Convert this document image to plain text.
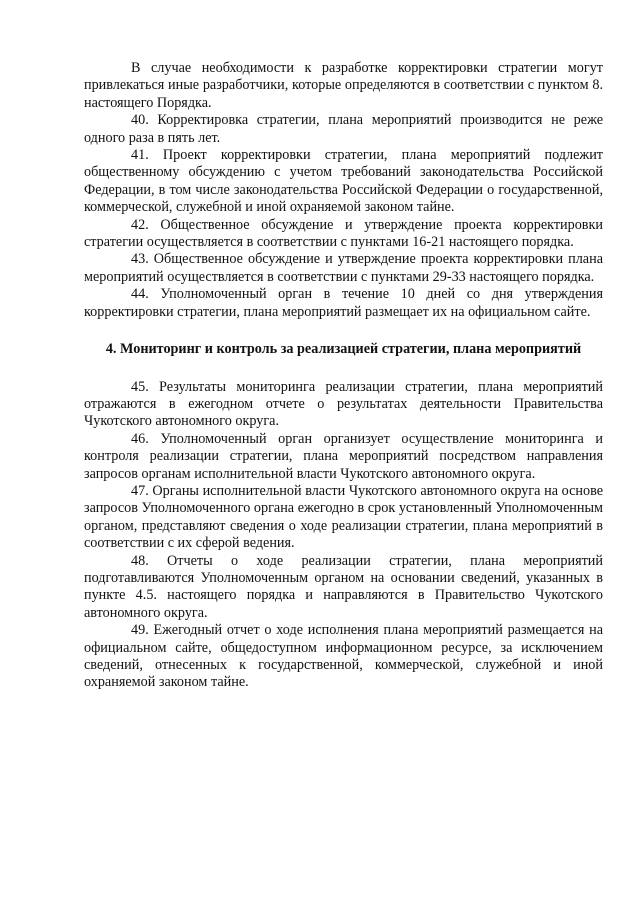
В случае необходимости к разработке корректировки стратегии могут привлекаться иные разработчики, которые определяются в соответствии с пунктом 8. настоящего Порядка.

40. Корректировка стратегии, плана мероприятий производится не реже одного раза в пять лет.

41. Проект корректировки стратегии, плана мероприятий подлежит общественному обсуждению с учетом требований законодательства Российской Федерации, в том числе законодательства Российской Федерации о государственной, коммерческой, служебной и иной охраняемой законом тайне.

42. Общественное обсуждение и утверждение проекта корректировки стратегии осуществляется в соответствии с пунктами 16-21 настоящего порядка.

43. Общественное обсуждение и утверждение проекта корректировки плана мероприятий осуществляется в соответствии с пунктами 29-33 настоящего порядка.

44. Уполномоченный орган в течение 10 дней со дня утверждения корректировки стратегии, плана мероприятий размещает их на официальном сайте.

4. Мониторинг и контроль за реализацией стратегии, плана мероприятий

45. Результаты мониторинга реализации стратегии, плана мероприятий отражаются в ежегодном отчете о результатах деятельности Правительства Чукотского автономного округа.

46. Уполномоченный орган организует осуществление мониторинга и контроля реализации стратегии, плана мероприятий посредством направления запросов органам исполнительной власти Чукотского автономного округа.

47. Органы исполнительной власти Чукотского автономного округа на основе запросов Уполномоченного органа ежегодно в срок установленный Уполномоченным органом, представляют сведения о ходе реализации стратегии, плана мероприятий в соответствии с их сферой ведения.

48. Отчеты о ходе реализации стратегии, плана мероприятий подготавливаются Уполномоченным органом на основании сведений, указанных в пункте 4.5. настоящего порядка и направляются в Правительство Чукотского автономного округа.

49. Ежегодный отчет о ходе исполнения плана мероприятий размещается на официальном сайте, общедоступном информационном ресурсе, за исключением сведений, отнесенных к государственной, коммерческой, служебной и иной охраняемой законом тайне.
